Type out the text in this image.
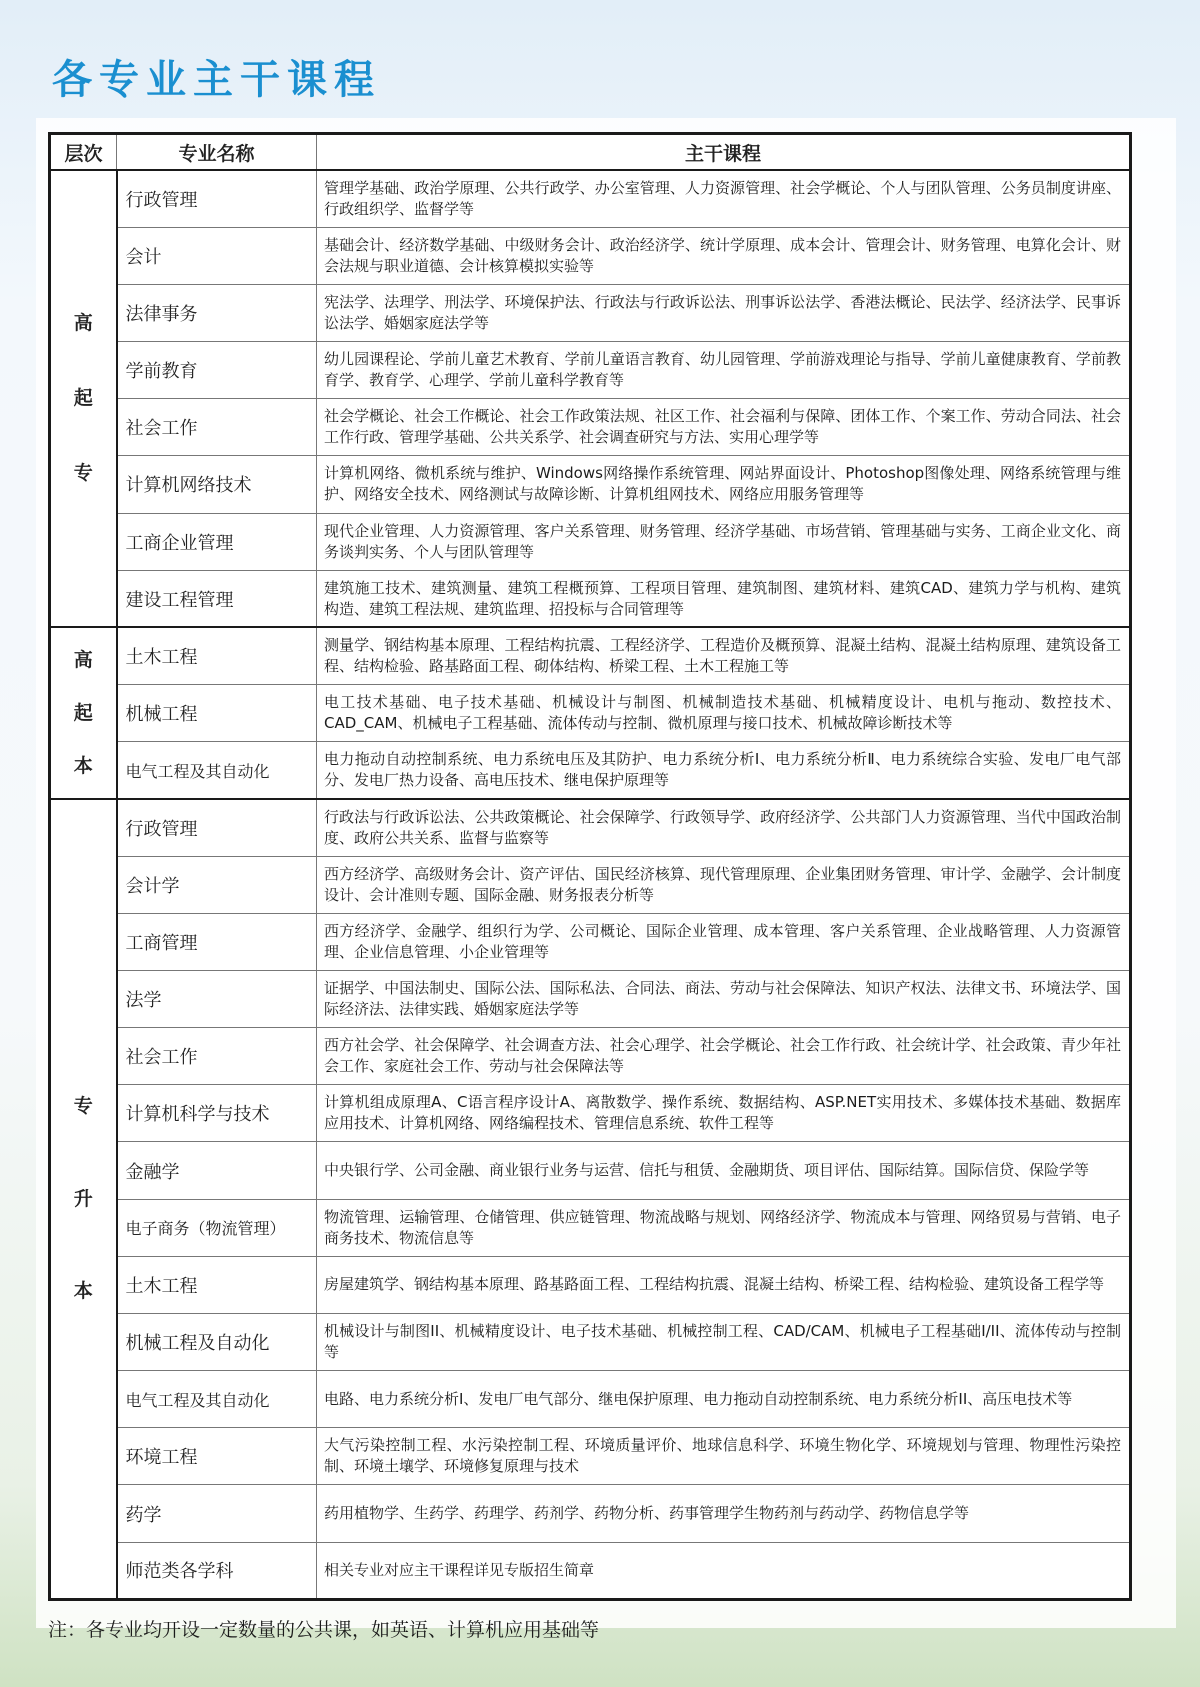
各专业主干课程
层次	专业名称	主干课程

高
起
专	行政管理	管理学基础、政治学原理、公共行政学、办公室管理、人力资源管理、社会学概论、个人与团队管理、公务员制度讲座、行政组织学、监督学等
	会计	基础会计、经济数学基础、中级财务会计、政治经济学、统计学原理、成本会计、管理会计、财务管理、电算化会计、财会法规与职业道德、会计核算模拟实验等
	法律事务	宪法学、法理学、刑法学、环境保护法、行政法与行政诉讼法、刑事诉讼法学、香港法概论、民法学、经济法学、民事诉讼法学、婚姻家庭法学等
	学前教育	幼儿园课程论、学前儿童艺术教育、学前儿童语言教育、幼儿园管理、学前游戏理论与指导、学前儿童健康教育、学前教育学、教育学、心理学、学前儿童科学教育等
	社会工作	社会学概论、社会工作概论、社会工作政策法规、社区工作、社会福利与保障、团体工作、个案工作、劳动合同法、社会工作行政、管理学基础、公共关系学、社会调查研究与方法、实用心理学等
	计算机网络技术	计算机网络、微机系统与维护、Windows网络操作系统管理、网站界面设计、Photoshop图像处理、网络系统管理与维护、网络安全技术、网络测试与故障诊断、计算机组网技术、网络应用服务管理等
	工商企业管理	现代企业管理、人力资源管理、客户关系管理、财务管理、经济学基础、市场营销、管理基础与实务、工商企业文化、商务谈判实务、个人与团队管理等
	建设工程管理	建筑施工技术、建筑测量、建筑工程概预算、工程项目管理、建筑制图、建筑材料、建筑CAD、建筑力学与机构、建筑构造、建筑工程法规、建筑监理、招投标与合同管理等

高
起
本	土木工程	测量学、钢结构基本原理、工程结构抗震、工程经济学、工程造价及概预算、混凝土结构、混凝土结构原理、建筑设备工程、结构检验、路基路面工程、砌体结构、桥梁工程、土木工程施工等
	机械工程	电工技术基础、电子技术基础、机械设计与制图、机械制造技术基础、机械精度设计、电机与拖动、数控技术、CAD_CAM、机械电子工程基础、流体传动与控制、微机原理与接口技术、机械故障诊断技术等
	电气工程及其自动化	电力拖动自动控制系统、电力系统电压及其防护、电力系统分析Ⅰ、电力系统分析Ⅱ、电力系统综合实验、发电厂电气部分、发电厂热力设备、高电压技术、继电保护原理等

专
升
本	行政管理	行政法与行政诉讼法、公共政策概论、社会保障学、行政领导学、政府经济学、公共部门人力资源管理、当代中国政治制度、政府公共关系、监督与监察等
	会计学	西方经济学、高级财务会计、资产评估、国民经济核算、现代管理原理、企业集团财务管理、审计学、金融学、会计制度设计、会计准则专题、国际金融、财务报表分析等
	工商管理	西方经济学、金融学、组织行为学、公司概论、国际企业管理、成本管理、客户关系管理、企业战略管理、人力资源管理、企业信息管理、小企业管理等
	法学	证据学、中国法制史、国际公法、国际私法、合同法、商法、劳动与社会保障法、知识产权法、法律文书、环境法学、国际经济法、法律实践、婚姻家庭法学等
	社会工作	西方社会学、社会保障学、社会调查方法、社会心理学、社会学概论、社会工作行政、社会统计学、社会政策、青少年社会工作、家庭社会工作、劳动与社会保障法等
	计算机科学与技术	计算机组成原理A、C语言程序设计A、离散数学、操作系统、数据结构、ASP.NET实用技术、多媒体技术基础、数据库应用技术、计算机网络、网络编程技术、管理信息系统、软件工程等
	金融学	中央银行学、公司金融、商业银行业务与运营、信托与租赁、金融期货、项目评估、国际结算。国际信贷、保险学等
	电子商务（物流管理）	物流管理、运输管理、仓储管理、供应链管理、物流战略与规划、网络经济学、物流成本与管理、网络贸易与营销、电子商务技术、物流信息等
	土木工程	房屋建筑学、钢结构基本原理、路基路面工程、工程结构抗震、混凝土结构、桥梁工程、结构检验、建筑设备工程学等
	机械工程及自动化	机械设计与制图II、机械精度设计、电子技术基础、机械控制工程、CAD/CAM、机械电子工程基础I/II、流体传动与控制等
	电气工程及其自动化	电路、电力系统分析I、发电厂电气部分、继电保护原理、电力拖动自动控制系统、电力系统分析II、高压电技术等
	环境工程	大气污染控制工程、水污染控制工程、环境质量评价、地球信息科学、环境生物化学、环境规划与管理、物理性污染控制、环境土壤学、环境修复原理与技术
	药学	药用植物学、生药学、药理学、药剂学、药物分析、药事管理学生物药剂与药动学、药物信息学等
	师范类各学科	相关专业对应主干课程详见专版招生简章
注：各专业均开设一定数量的公共课，如英语、计算机应用基础等
